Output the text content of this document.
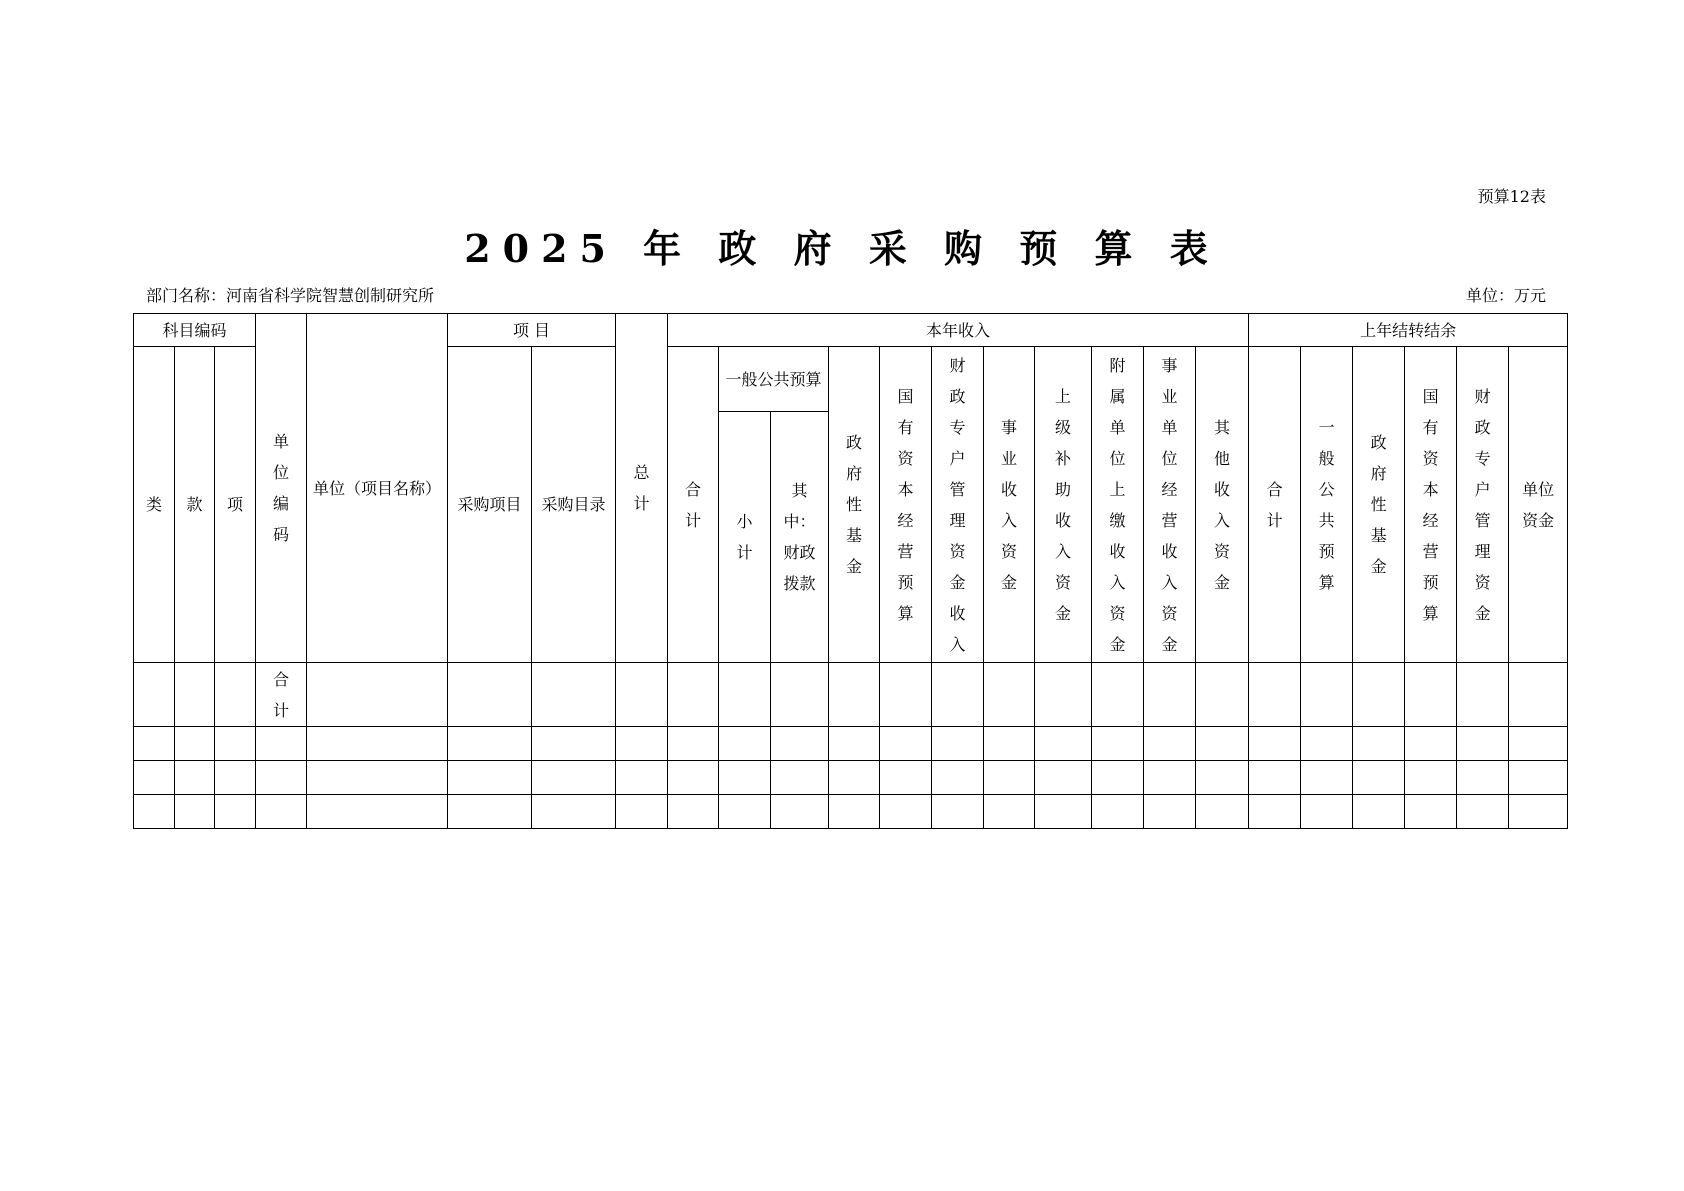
预算12表
2025 年 政 府 采 购 预 算 表
部门名称：河南省科学院智慧创制研究所	单位：万元
科目编码			单位编码	单位（项目名称）	项 目		总计	本年收入											上年结转结余					
类	款	项			采购项目	采购目录		合计	一般公共预算		政府性基金	国有资本经营预算	财政专户管理资金收入	事业收入资金	上级补助收入资金	附属单位上缴收入资金	事业单位经营收入资金	其他收入资金	合计	一般公共预算	政府性基金	国有资本经营预算	财政专户管理资金	单位资金

									小计	其中：财政拨款														

			合计																					
